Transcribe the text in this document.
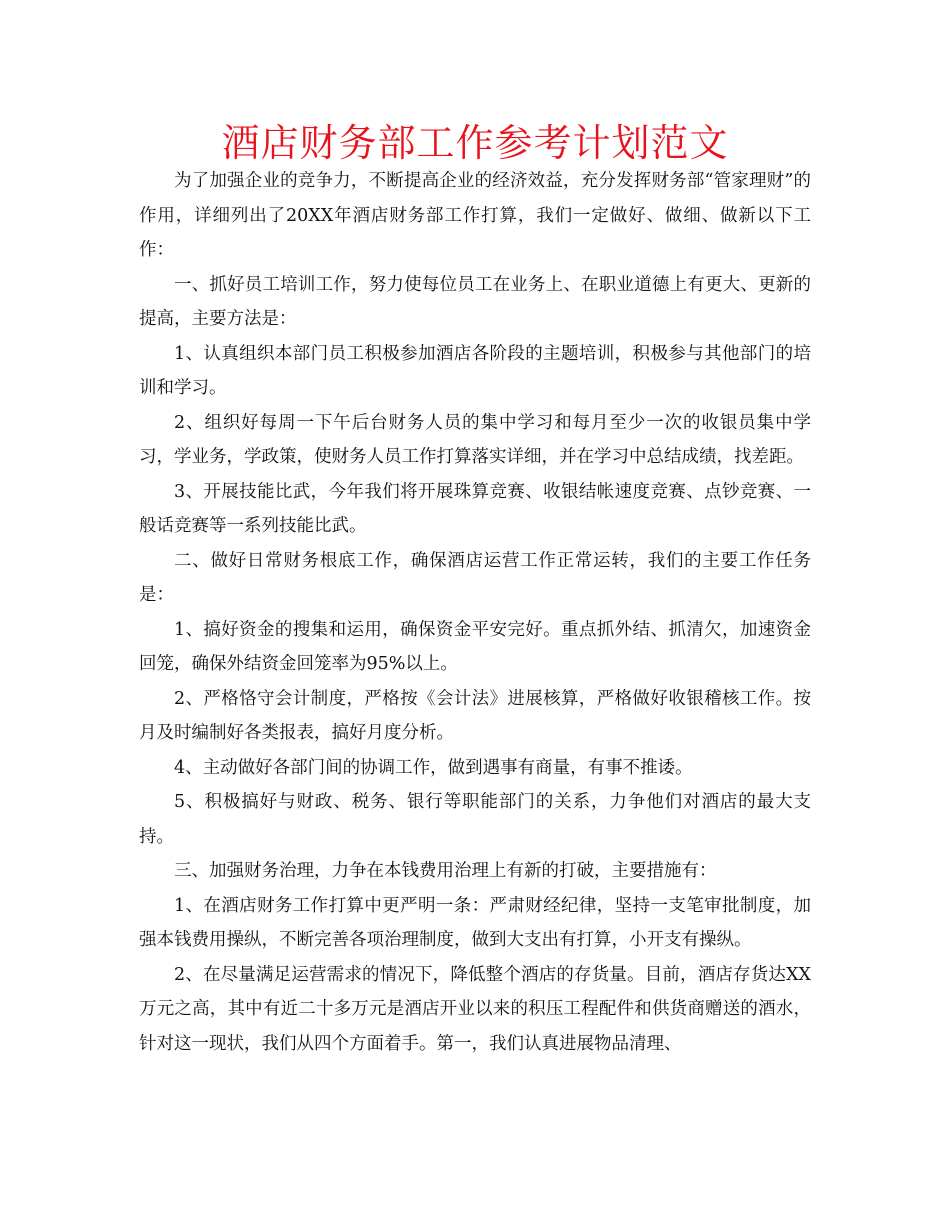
酒店财务部工作参考计划范文

为了加强企业的竞争力，不断提高企业的经济效益，充分发挥财务部“管家理财”的作用，详细列出了20XX年酒店财务部工作打算，我们一定做好、做细、做新以下工作：

一、抓好员工培训工作，努力使每位员工在业务上、在职业道德上有更大、更新的提高，主要方法是：

1、认真组织本部门员工积极参加酒店各阶段的主题培训，积极参与其他部门的培训和学习。

2、组织好每周一下午后台财务人员的集中学习和每月至少一次的收银员集中学习，学业务，学政策，使财务人员工作打算落实详细，并在学习中总结成绩，找差距。

3、开展技能比武，今年我们将开展珠算竞赛、收银结帐速度竞赛、点钞竞赛、一般话竞赛等一系列技能比武。

二、做好日常财务根底工作，确保酒店运营工作正常运转，我们的主要工作任务是：

1、搞好资金的搜集和运用，确保资金平安完好。重点抓外结、抓清欠，加速资金回笼，确保外结资金回笼率为95%以上。

2、严格恪守会计制度，严格按《会计法》进展核算，严格做好收银稽核工作。按月及时编制好各类报表，搞好月度分析。

4、主动做好各部门间的协调工作，做到遇事有商量，有事不推诿。

5、积极搞好与财政、税务、银行等职能部门的关系，力争他们对酒店的最大支持。

三、加强财务治理，力争在本钱费用治理上有新的打破，主要措施有：

1、在酒店财务工作打算中更严明一条：严肃财经纪律，坚持一支笔审批制度，加强本钱费用操纵，不断完善各项治理制度，做到大支出有打算，小开支有操纵。

2、在尽量满足运营需求的情况下，降低整个酒店的存货量。目前，酒店存货达XX万元之高，其中有近二十多万元是酒店开业以来的积压工程配件和供货商赠送的酒水，针对这一现状，我们从四个方面着手。第一，我们认真进展物品清理、
